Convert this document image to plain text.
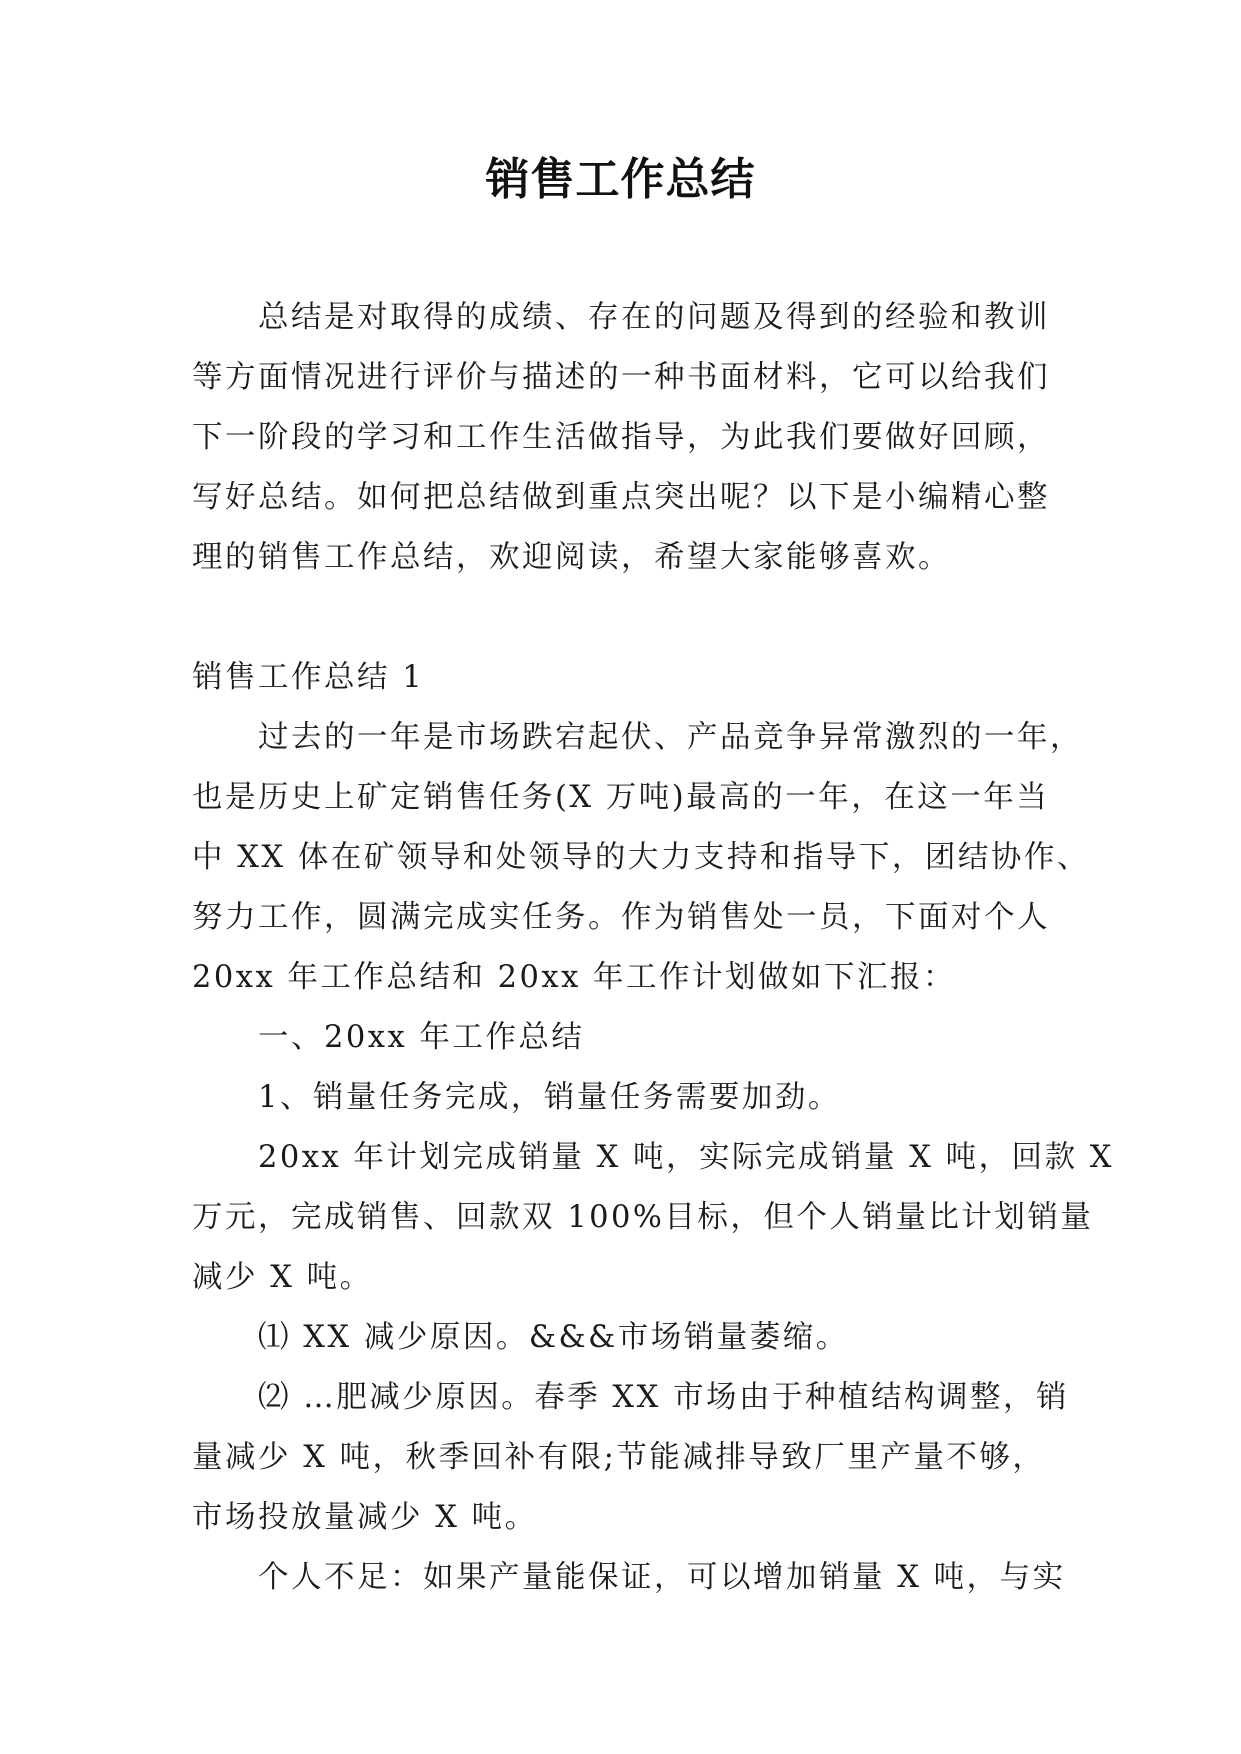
销售工作总结
总结是对取得的成绩、存在的问题及得到的经验和教训
等方面情况进行评价与描述的一种书面材料，它可以给我们
下一阶段的学习和工作生活做指导，为此我们要做好回顾，
写好总结。如何把总结做到重点突出呢？以下是小编精心整
理的销售工作总结，欢迎阅读，希望大家能够喜欢。
销售工作总结 1
过去的一年是市场跌宕起伏、产品竞争异常激烈的一年，
也是历史上矿定销售任务(X 万吨)最高的一年，在这一年当
中 XX 体在矿领导和处领导的大力支持和指导下，团结协作、
努力工作，圆满完成实任务。作为销售处一员，下面对个人
20xx 年工作总结和 20xx 年工作计划做如下汇报：
一、20xx 年工作总结
1、销量任务完成，销量任务需要加劲。
20xx 年计划完成销量 X 吨，实际完成销量 X 吨，回款 X
万元，完成销售、回款双 100%目标，但个人销量比计划销量
减少 X 吨。
⑴ XX 减少原因。&&&市场销量萎缩。
⑵ …肥减少原因。春季 XX 市场由于种植结构调整，销
量减少 X 吨，秋季回补有限;节能减排导致厂里产量不够，
市场投放量减少 X 吨。
个人不足：如果产量能保证，可以增加销量 X 吨，与实
